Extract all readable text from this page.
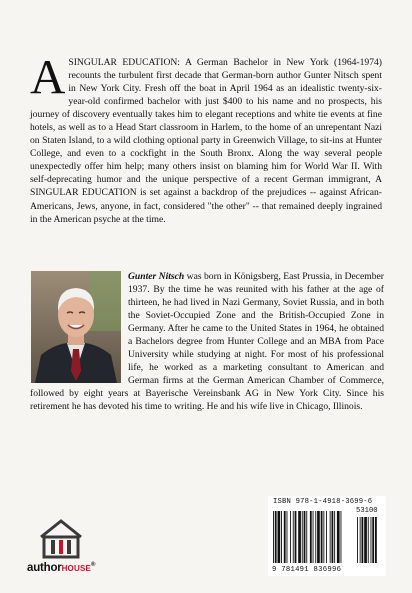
ASINGULAR EDUCATION: A German Bachelor in New York (1964-1974) recounts the turbulent first decade that German-born author Gunter Nitsch spent in New York City. Fresh off the boat in April 1964 as an idealistic twenty-six-year-old confirmed bachelor with just $400 to his name and no prospects, his journey of discovery eventually takes him to elegant receptions and white tie events at fine hotels, as well as to a Head Start classroom in Harlem, to the home of an unrepentant Nazi on Staten Island, to a wild clothing optional party in Greenwich Village, to sit-ins at Hunter College, and even to a cockfight in the South Bronx. Along the way several people unexpectedly offer him help; many others insist on blaming him for World War II. With self-deprecating humor and the unique perspective of a recent German immigrant, A SINGULAR EDUCATION is set against a backdrop of the prejudices -- against African-Americans, Jews, anyone, in fact, considered "the other" -- that remained deeply ingrained in the American psyche at the time.
Gunter Nitsch was born in Königsberg, East Prussia, in December 1937. By the time he was reunited with his father at the age of thirteen, he had lived in Nazi Germany, Soviet Russia, and in both the Soviet-Occupied Zone and the British-Occupied Zone in Germany. After he came to the United States in 1964, he obtained a Bachelors degree from Hunter College and an MBA from Pace University while studying at night. For most of his professional life, he worked as a marketing consultant to American and German firms at the German American Chamber of Commerce, followed by eight years at Bayerische Vereinsbank AG in New York City. Since his retirement he has devoted his time to writing. He and his wife live in Chicago, Illinois.
authorHOUSE®
ISBN 978-1-4918-3699-6
53100
9 781491 836996
